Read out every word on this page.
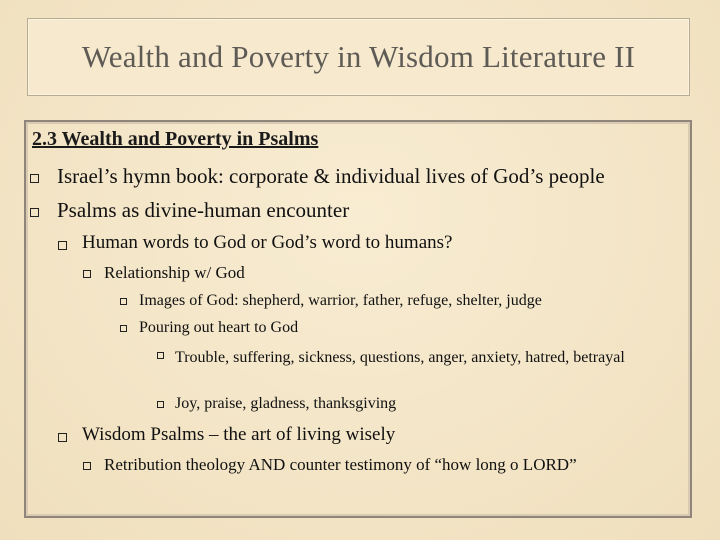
Wealth and Poverty in Wisdom Literature II
2.3 Wealth and Poverty in Psalms
Israel’s hymn book: corporate & individual lives of God’s people
Psalms as divine-human encounter
Human words to God or God’s word to humans?
Relationship w/ God
Images of God: shepherd, warrior, father, refuge, shelter, judge
Pouring out heart to God
Trouble, suffering, sickness, questions, anger, anxiety, hatred, betrayal
Joy, praise, gladness, thanksgiving
Wisdom Psalms – the art of living wisely
Retribution theology AND counter testimony of “how long o LORD”
